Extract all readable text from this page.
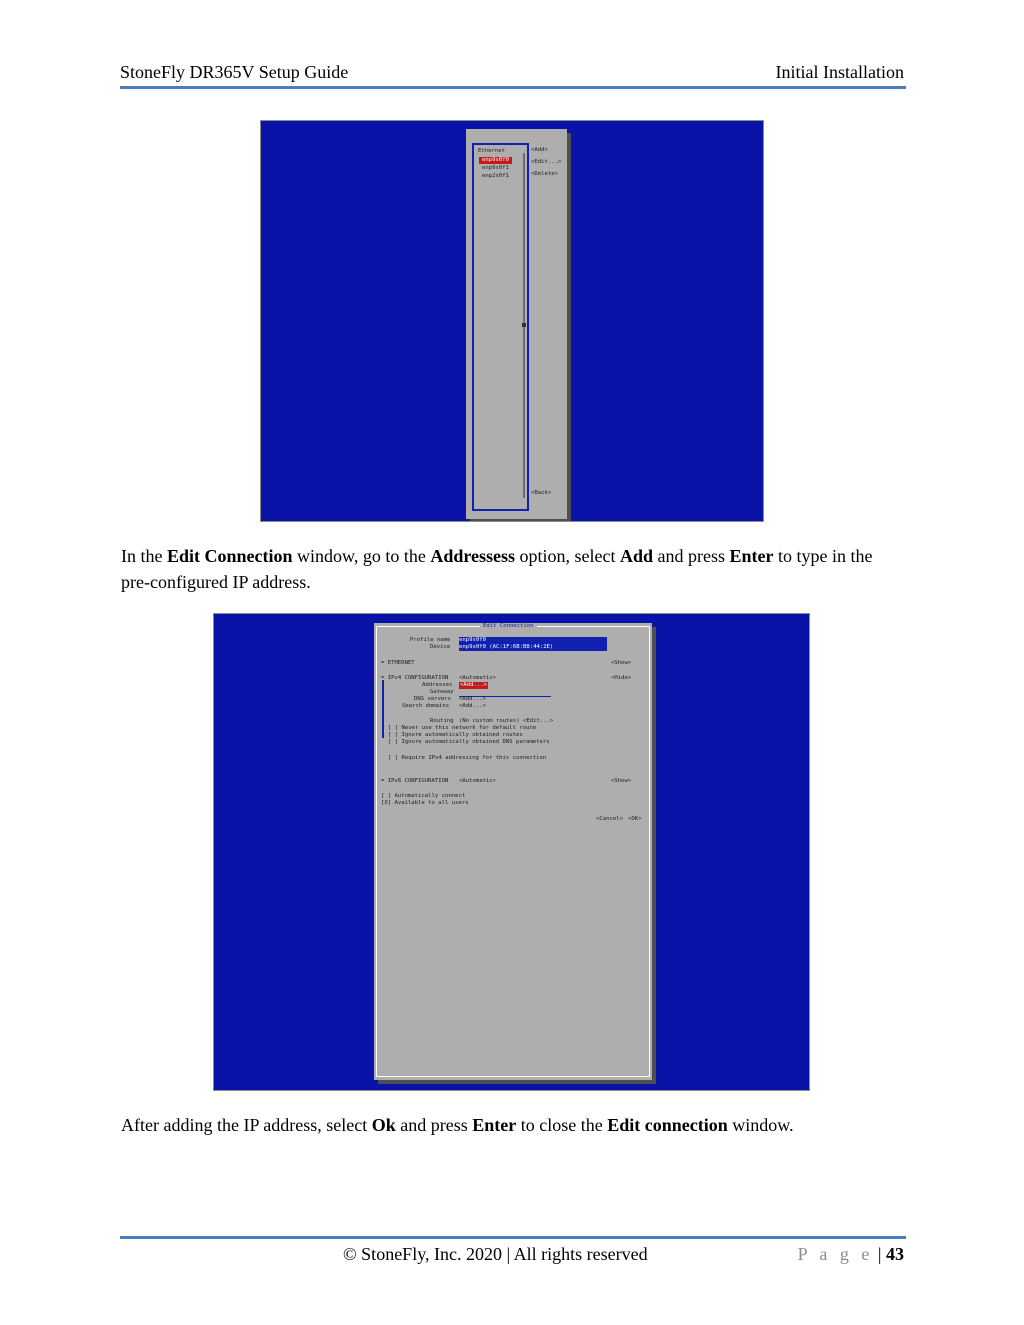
StoneFly DR365V Setup Guide	Initial Installation
Ethernet
enp9s0f0
enp9s0f1
enp2s0f1
<Add>
<Edit...>
<Delete>
<Back>
In the Edit Connection window, go to the Addressess option, select Add and press Enter to type in the pre-configured IP address.
Edit Connection
Profile name enp9s0f0
Device enp9s0f0 (AC:1F:6B:B8:44:2E)
= ETHERNET	<Show>
= IPv4 CONFIGURATION <Automatic>	<Hide>
Addresses <Add...>
Gateway
DNS servers <Add...>
Search domains <Add...>
Routing (No custom routes) <Edit...>
[ ] Never use this network for default route
[ ] Ignore automatically obtained routes
[ ] Ignore automatically obtained DNS parameters
[ ] Require IPv4 addressing for this connection
= IPv6 CONFIGURATION <Automatic>	<Show>
[ ] Automatically connect
[X] Available to all users
<Cancel> <OK>
After adding the IP address, select Ok and press Enter to close the Edit connection window.
© StoneFly, Inc. 2020 | All rights reserved	P a g e | 43
